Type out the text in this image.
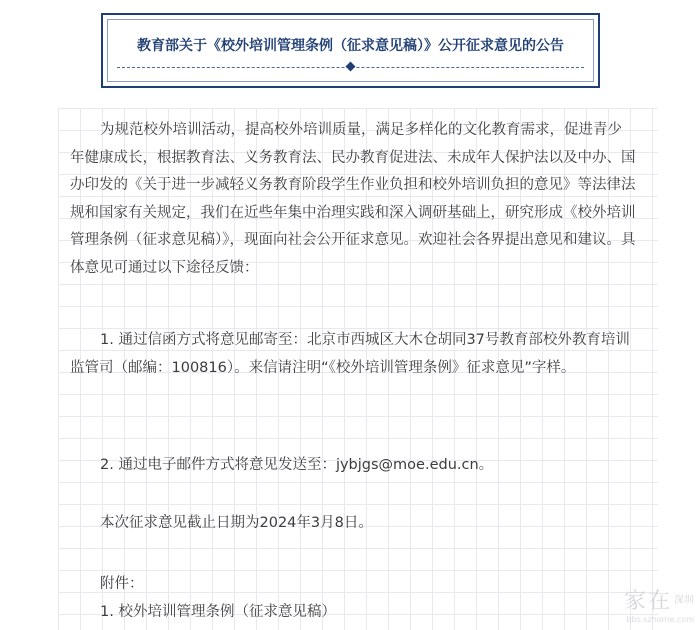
教育部关于《校外培训管理条例（征求意见稿）》公开征求意见的公告

为规范校外培训活动，提高校外培训质量，满足多样化的文化教育需求，促进青少年健康成长，根据教育法、义务教育法、民办教育促进法、未成年人保护法以及中办、国办印发的《关于进一步减轻义务教育阶段学生作业负担和校外培训负担的意见》等法律法规和国家有关规定，我们在近些年集中治理实践和深入调研基础上，研究形成《校外培训管理条例（征求意见稿）》，现面向社会公开征求意见。欢迎社会各界提出意见和建议。具体意见可通过以下途径反馈：

1. 通过信函方式将意见邮寄至：北京市西城区大木仓胡同37号教育部校外教育培训监管司（邮编：100816）。来信请注明“《校外培训管理条例》征求意见”字样。

2. 通过电子邮件方式将意见发送至：jybjgs@moe.edu.cn。

本次征求意见截止日期为2024年3月8日。

附件：

1. 校外培训管理条例（征求意见稿）	家在 深圳
bbs.szhome.com
